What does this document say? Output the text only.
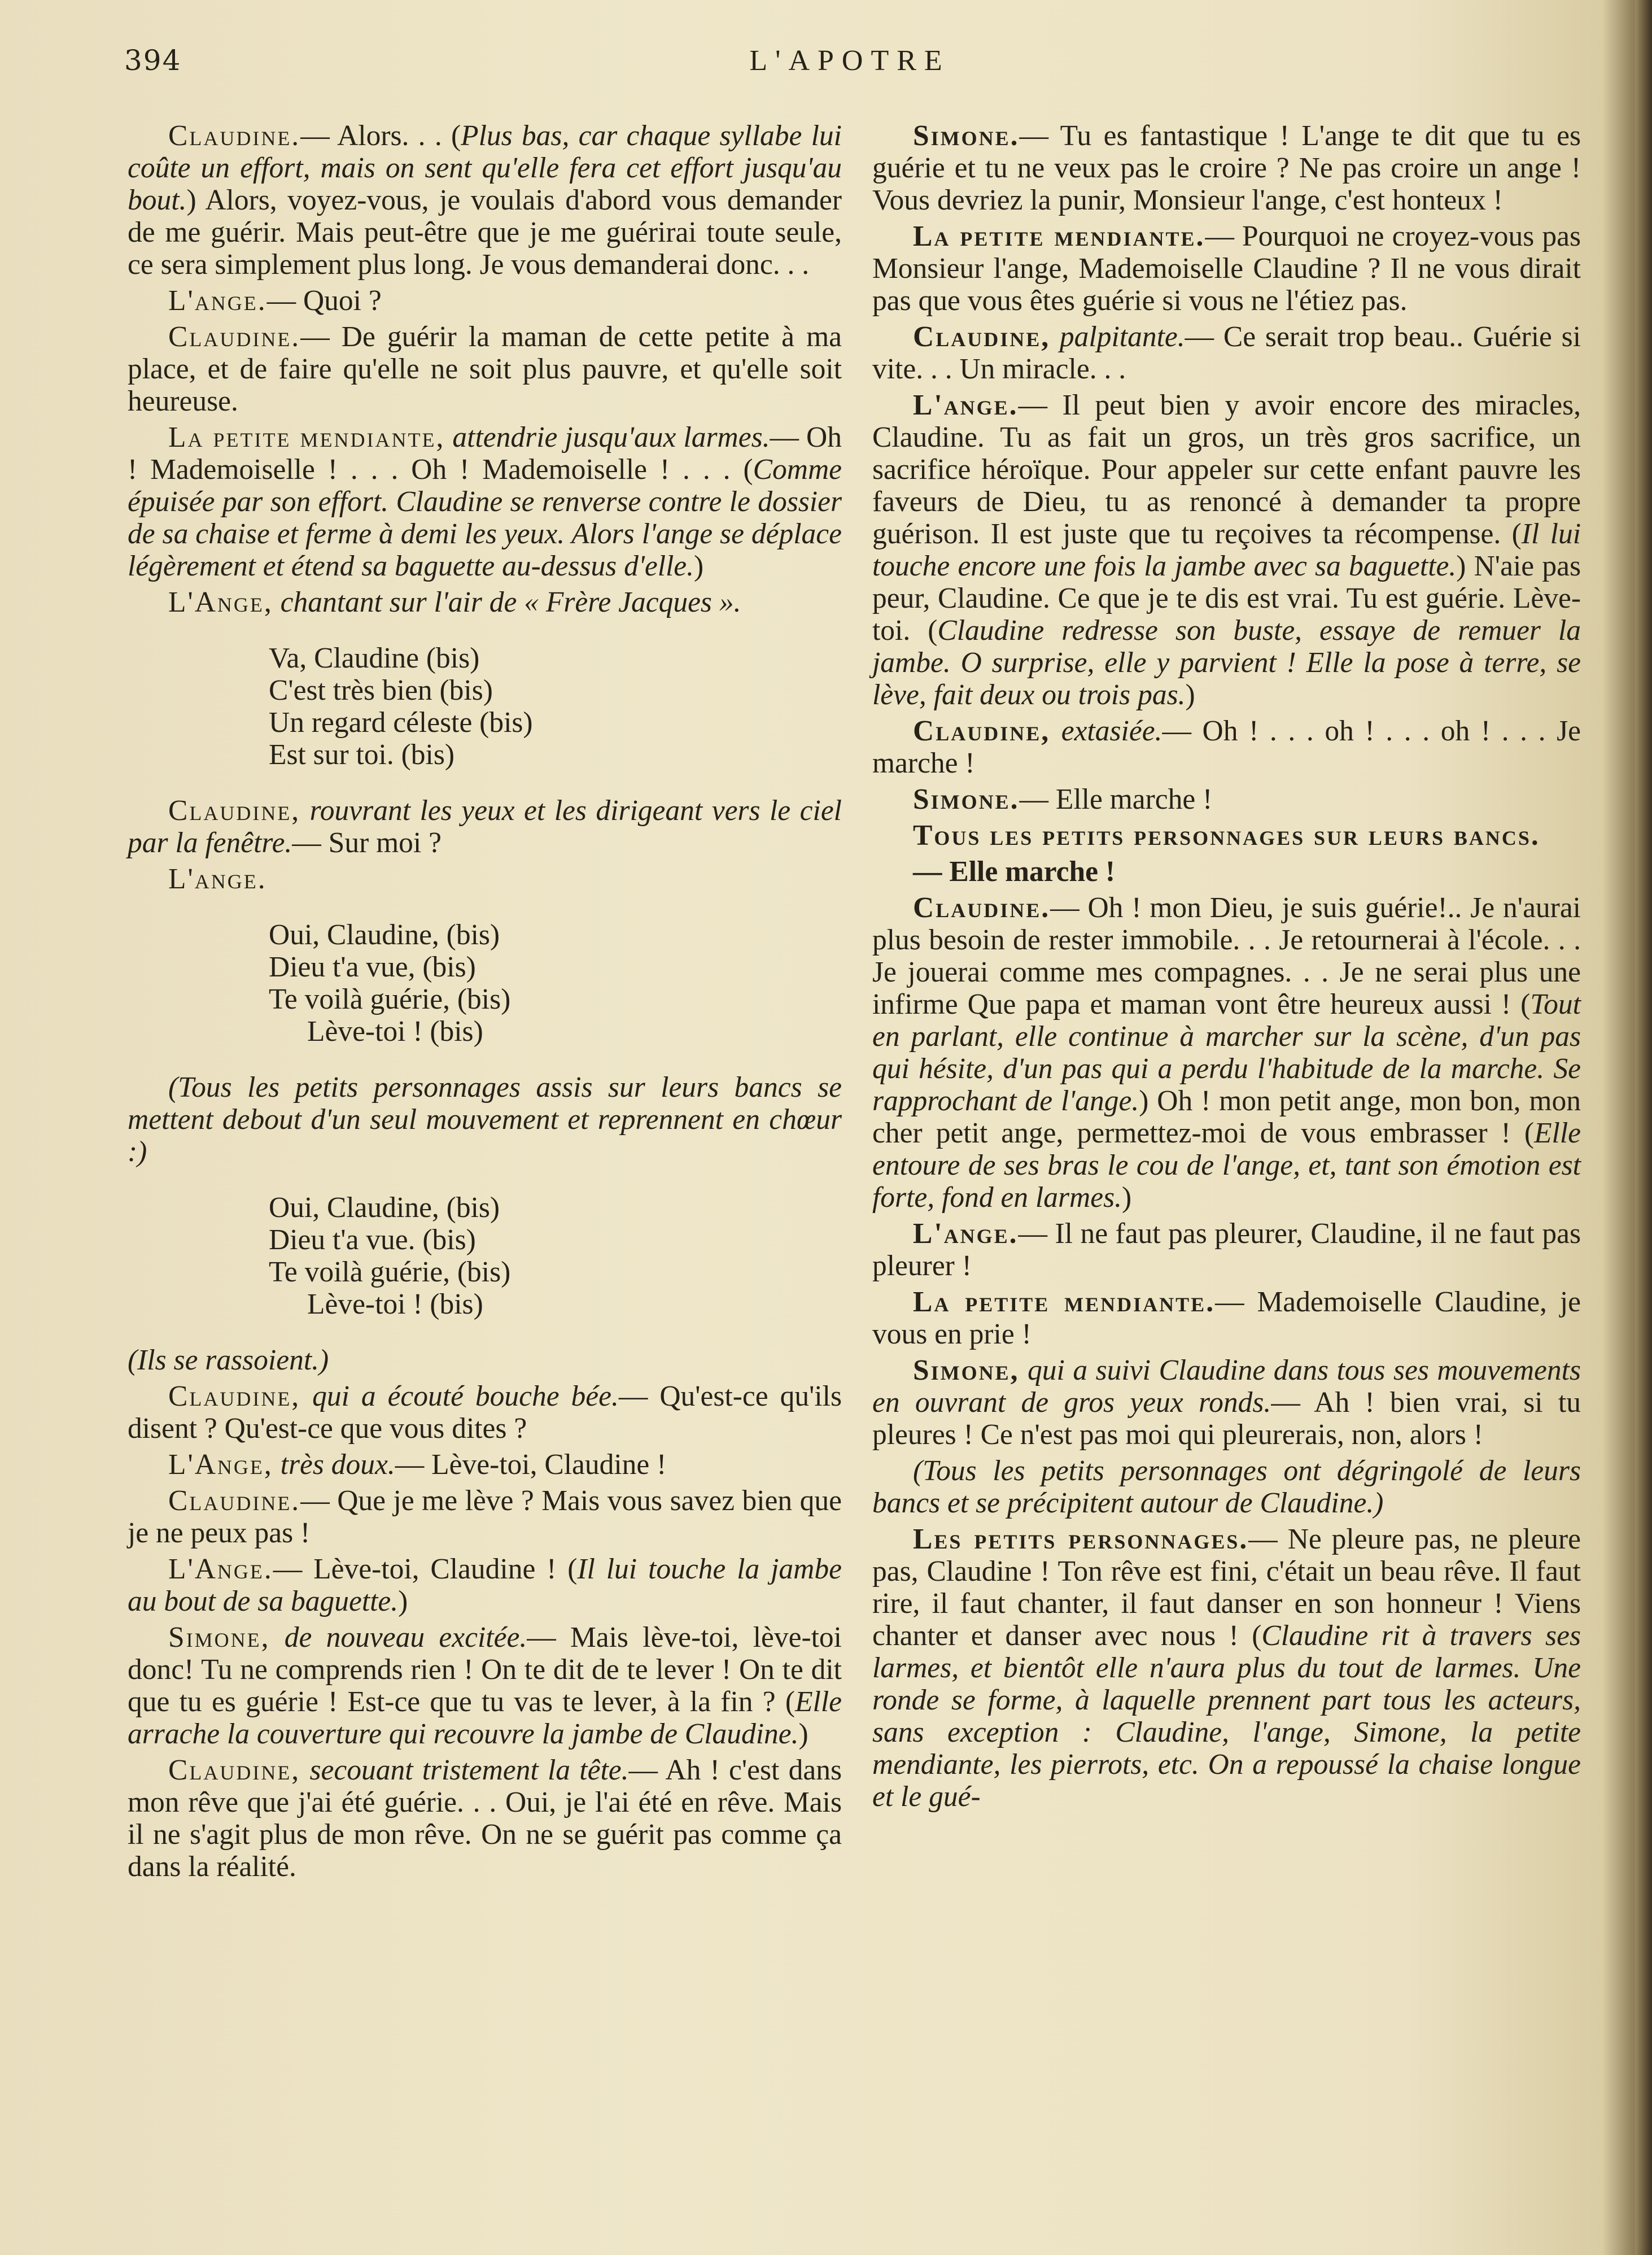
394	L'APOTRE

Claudine.— Alors. . . (Plus bas, car chaque syllabe lui coûte un effort, mais on sent qu'elle fera cet effort jusqu'au bout.) Alors, voyez-vous, je voulais d'abord vous demander de me guérir. Mais peut-être que je me guérirai toute seule, ce sera simplement plus long. Je vous demanderai donc. . .

L'ange.— Quoi ?

Claudine.— De guérir la maman de cette petite à ma place, et de faire qu'elle ne soit plus pauvre, et qu'elle soit heureuse.

La petite mendiante, attendrie jusqu'aux larmes.— Oh ! Mademoiselle ! . . . Oh ! Mademoiselle ! . . . (Comme épuisée par son effort. Claudine se renverse contre le dossier de sa chaise et ferme à demi les yeux. Alors l'ange se déplace légèrement et étend sa baguette au-dessus d'elle.)

L'Ange, chantant sur l'air de « Frère Jacques ».

Va, Claudine (bis)

C'est très bien (bis)

Un regard céleste (bis)

Est sur toi. (bis)

Claudine, rouvrant les yeux et les dirigeant vers le ciel par la fenêtre.— Sur moi ?

L'ange.

Oui, Claudine, (bis)

Dieu t'a vue, (bis)

Te voilà guérie, (bis)

Lève-toi ! (bis)

(Tous les petits personnages assis sur leurs bancs se mettent debout d'un seul mouvement et reprennent en chœur :)

Oui, Claudine, (bis)

Dieu t'a vue. (bis)

Te voilà guérie, (bis)

Lève-toi ! (bis)

(Ils se rassoient.)

Claudine, qui a écouté bouche bée.— Qu'est-ce qu'ils disent ? Qu'est-ce que vous dites ?

L'Ange, très doux.— Lève-toi, Claudine !

Claudine.— Que je me lève ? Mais vous savez bien que je ne peux pas !

L'Ange.— Lève-toi, Claudine ! (Il lui touche la jambe au bout de sa baguette.)

Simone, de nouveau excitée.— Mais lève-toi, lève-toi donc! Tu ne comprends rien ! On te dit de te lever ! On te dit que tu es guérie ! Est-ce que tu vas te lever, à la fin ? (Elle arrache la couverture qui recouvre la jambe de Claudine.)

Claudine, secouant tristement la tête.— Ah ! c'est dans mon rêve que j'ai été guérie. . . Oui, je l'ai été en rêve. Mais il ne s'agit plus de mon rêve. On ne se guérit pas comme ça dans la réalité.

Simone.— Tu es fantastique ! L'ange te dit que tu es guérie et tu ne veux pas le croire ? Ne pas croire un ange ! Vous devriez la punir, Monsieur l'ange, c'est honteux !

La petite mendiante.— Pourquoi ne croyez-vous pas Monsieur l'ange, Mademoiselle Claudine ? Il ne vous dirait pas que vous êtes guérie si vous ne l'étiez pas.

Claudine, palpitante.— Ce serait trop beau.. Guérie si vite. . . Un miracle. . .

L'ange.— Il peut bien y avoir encore des miracles, Claudine. Tu as fait un gros, un très gros sacrifice, un sacrifice héroïque. Pour appeler sur cette enfant pauvre les faveurs de Dieu, tu as renoncé à demander ta propre guérison. Il est juste que tu reçoives ta récompense. (Il lui touche encore une fois la jambe avec sa baguette.) N'aie pas peur, Claudine. Ce que je te dis est vrai. Tu est guérie. Lève-toi. (Claudine redresse son buste, essaye de remuer la jambe. O surprise, elle y parvient ! Elle la pose à terre, se lève, fait deux ou trois pas.)

Claudine, extasiée.— Oh ! . . . oh ! . . . oh ! . . . Je marche !

Simone.— Elle marche !

Tous les petits personnages sur leurs bancs.

— Elle marche !

Claudine.— Oh ! mon Dieu, je suis guérie!.. Je n'aurai plus besoin de rester immobile. . . Je retournerai à l'école. . . Je jouerai comme mes compagnes. . . Je ne serai plus une infirme Que papa et maman vont être heureux aussi ! (Tout en parlant, elle continue à marcher sur la scène, d'un pas qui hésite, d'un pas qui a perdu l'habitude de la marche. Se rapprochant de l'ange.) Oh ! mon petit ange, mon bon, mon cher petit ange, permettez-moi de vous embrasser ! (Elle entoure de ses bras le cou de l'ange, et, tant son émotion est forte, fond en larmes.)

L'ange.— Il ne faut pas pleurer, Claudine, il ne faut pas pleurer !

La petite mendiante.— Mademoiselle Claudine, je vous en prie !

Simone, qui a suivi Claudine dans tous ses mouvements en ouvrant de gros yeux ronds.— Ah ! bien vrai, si tu pleures ! Ce n'est pas moi qui pleurerais, non, alors !

(Tous les petits personnages ont dégringolé de leurs bancs et se précipitent autour de Claudine.)

Les petits personnages.— Ne pleure pas, ne pleure pas, Claudine ! Ton rêve est fini, c'était un beau rêve. Il faut rire, il faut chanter, il faut danser en son honneur ! Viens chanter et danser avec nous ! (Claudine rit à travers ses larmes, et bientôt elle n'aura plus du tout de larmes. Une ronde se forme, à laquelle prennent part tous les acteurs, sans exception : Claudine, l'ange, Simone, la petite mendiante, les pierrots, etc. On a repoussé la chaise longue et le gué-
